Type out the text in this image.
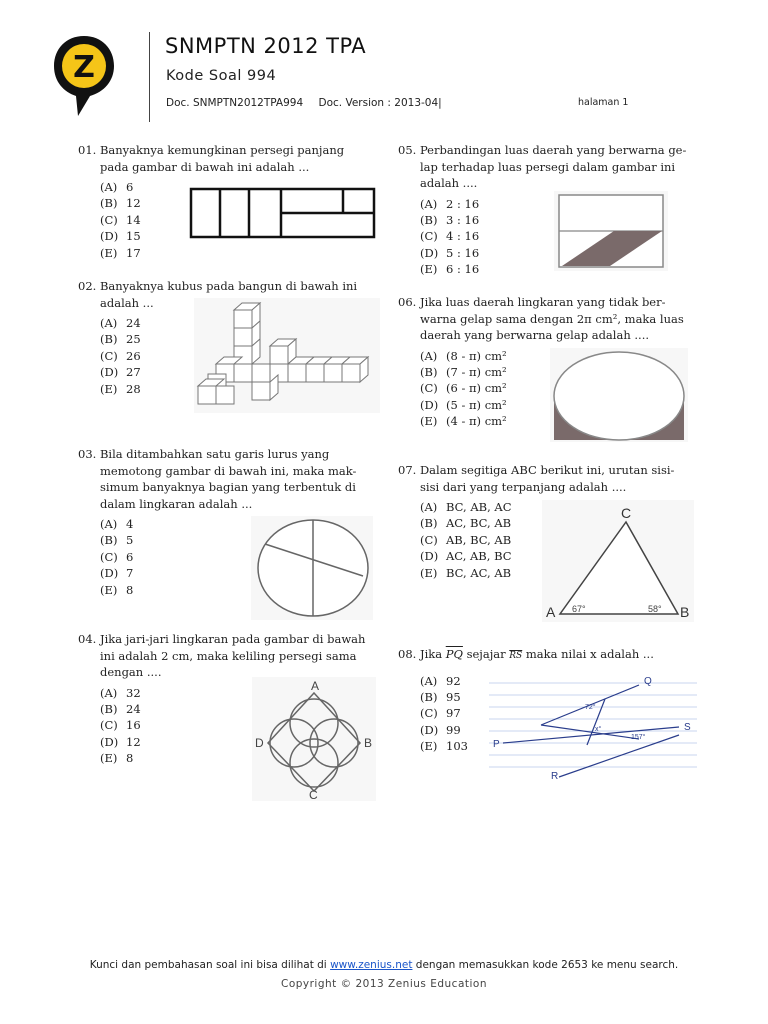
Z
SNMPTN 2012 TPA
Kode Soal 994
Doc. SNMPTN2012TPA994 Doc. Version : 2013-04|	halaman 1
01. Banyaknya kemungkinan persegi panjang
pada gambar di bawah ini adalah ...
(A) 6
(B) 12
(C) 14
(D) 15
(E) 17
02. Banyaknya kubus pada bangun di bawah ini
adalah ...
(A) 24
(B) 25
(C) 26
(D) 27
(E) 28
03. Bila ditambahkan satu garis lurus yang
memotong gambar di bawah ini, maka mak-
simum banyaknya bagian yang terbentuk di
dalam lingkaran adalah ...
(A) 4
(B) 5
(C) 6
(D) 7
(E) 8
04. Jika jari-jari lingkaran pada gambar di bawah
ini adalah 2 cm, maka keliling persegi sama
dengan ....
(A) 32
(B) 24
(C) 16
(D) 12
(E) 8
A
B
C
D
05. Perbandingan luas daerah yang berwarna ge-
lap terhadap luas persegi dalam gambar ini
adalah ....
(A) 2 : 16
(B) 3 : 16
(C) 4 : 16
(D) 5 : 16
(E) 6 : 16
06. Jika luas daerah lingkaran yang tidak ber-
warna gelap sama dengan 2π cm², maka luas
daerah yang berwarna gelap adalah ....
(A) (8 - π) cm²
(B) (7 - π) cm²
(C) (6 - π) cm²
(D) (5 - π) cm²
(E) (4 - π) cm²
07. Dalam segitiga ABC berikut ini, urutan sisi-
sisi dari yang terpanjang adalah ....
(A) BC, AB, AC
(B) AC, BC, AB
(C) AB, BC, AB
(D) AC, AB, BC
(E) BC, AC, AB
C
A	B
67°	58°
08. Jika $\overline{PQ}$ sejajar $\overline{RS}$ maka nilai x adalah ...
(A) 92
(B) 95
(C) 97
(D) 99
(E) 103
Q
P
S
R
72°
x°
157°
Kunci dan pembahasan soal ini bisa dilihat di www.zenius.net dengan memasukkan kode 2653 ke menu search.
Copyright © 2013 Zenius Education
